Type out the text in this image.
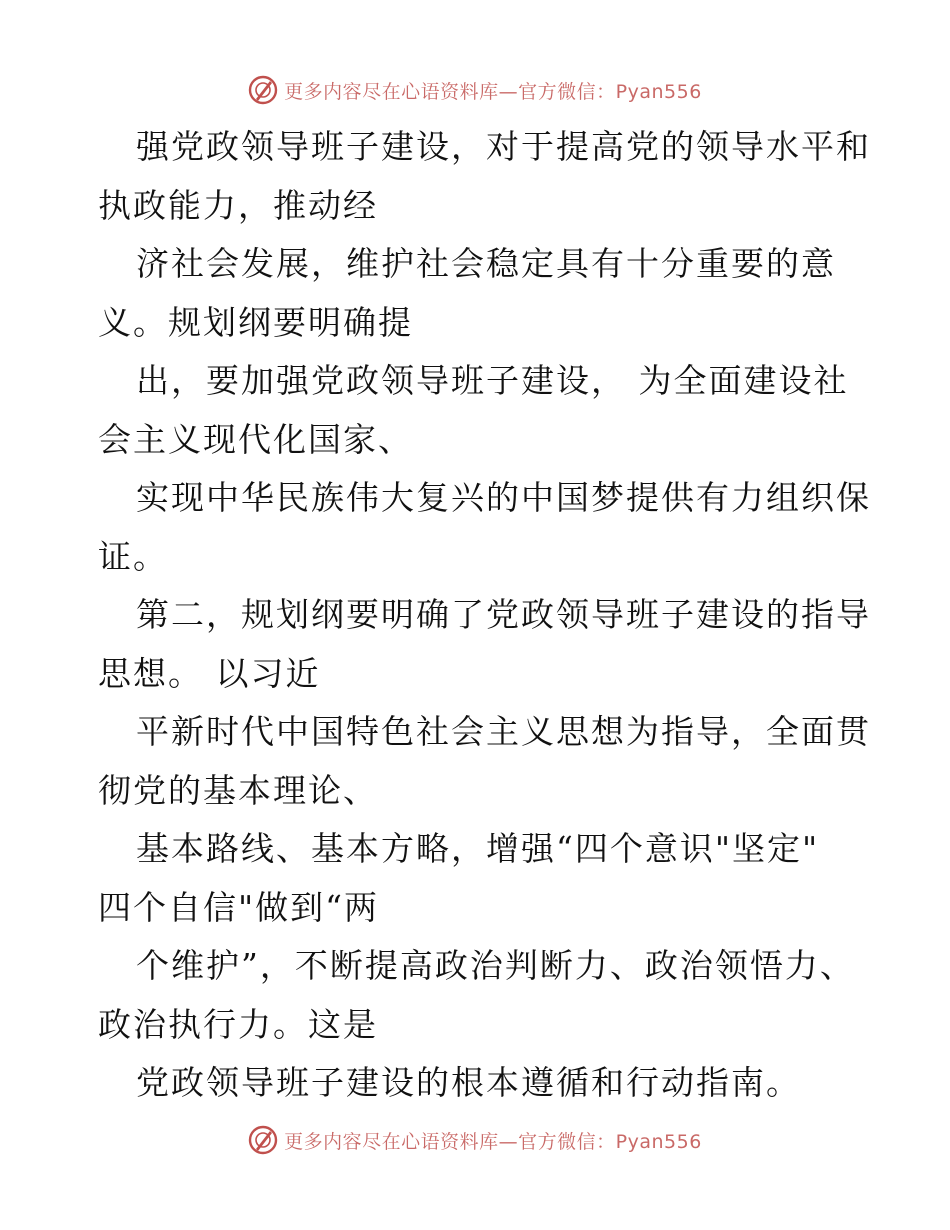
更多内容尽在心语资料库—官方微信：Pyan556
强党政领导班子建设，对于提高党的领导水平和
执政能力，推动经
济社会发展，维护社会稳定具有十分重要的意
义。规划纲要明确提
出，要加强党政领导班子建设， 为全面建设社
会主义现代化国家、
实现中华民族伟大复兴的中国梦提供有力组织保
证。
第二，规划纲要明确了党政领导班子建设的指导
思想。 以习近
平新时代中国特色社会主义思想为指导，全面贯
彻党的基本理论、
基本路线、基本方略，增强“四个意识"坚定"
四个自信"做到“两
个维护”，不断提高政治判断力、政治领悟力、
政治执行力。这是
党政领导班子建设的根本遵循和行动指南。
更多内容尽在心语资料库—官方微信：Pyan556
